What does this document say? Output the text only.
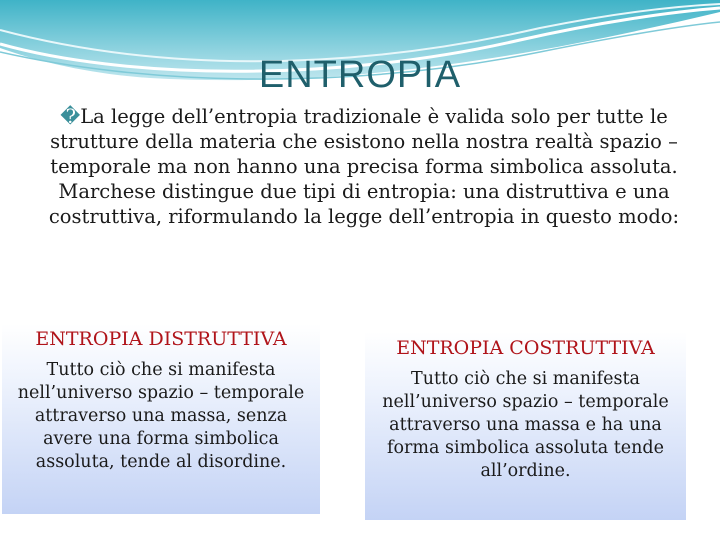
ENTROPIA

�La legge dell’entropia tradizionale è valida solo per tutte le strutture della materia che esistono nella nostra realtà spazio – temporale ma non hanno una precisa forma simbolica assoluta.

Marchese distingue due tipi di entropia: una distruttiva e una costruttiva, riformulando la legge dell’entropia in questo modo:

ENTROPIA DISTRUTTIVA
Tutto ciò che si manifesta nell’universo spazio – temporale attraverso una massa, senza avere una forma simbolica assoluta, tende al disordine.
ENTROPIA COSTRUTTIVA
Tutto ciò che si manifesta nell’universo spazio – temporale attraverso una massa e ha una forma simbolica assoluta tende all’ordine.
